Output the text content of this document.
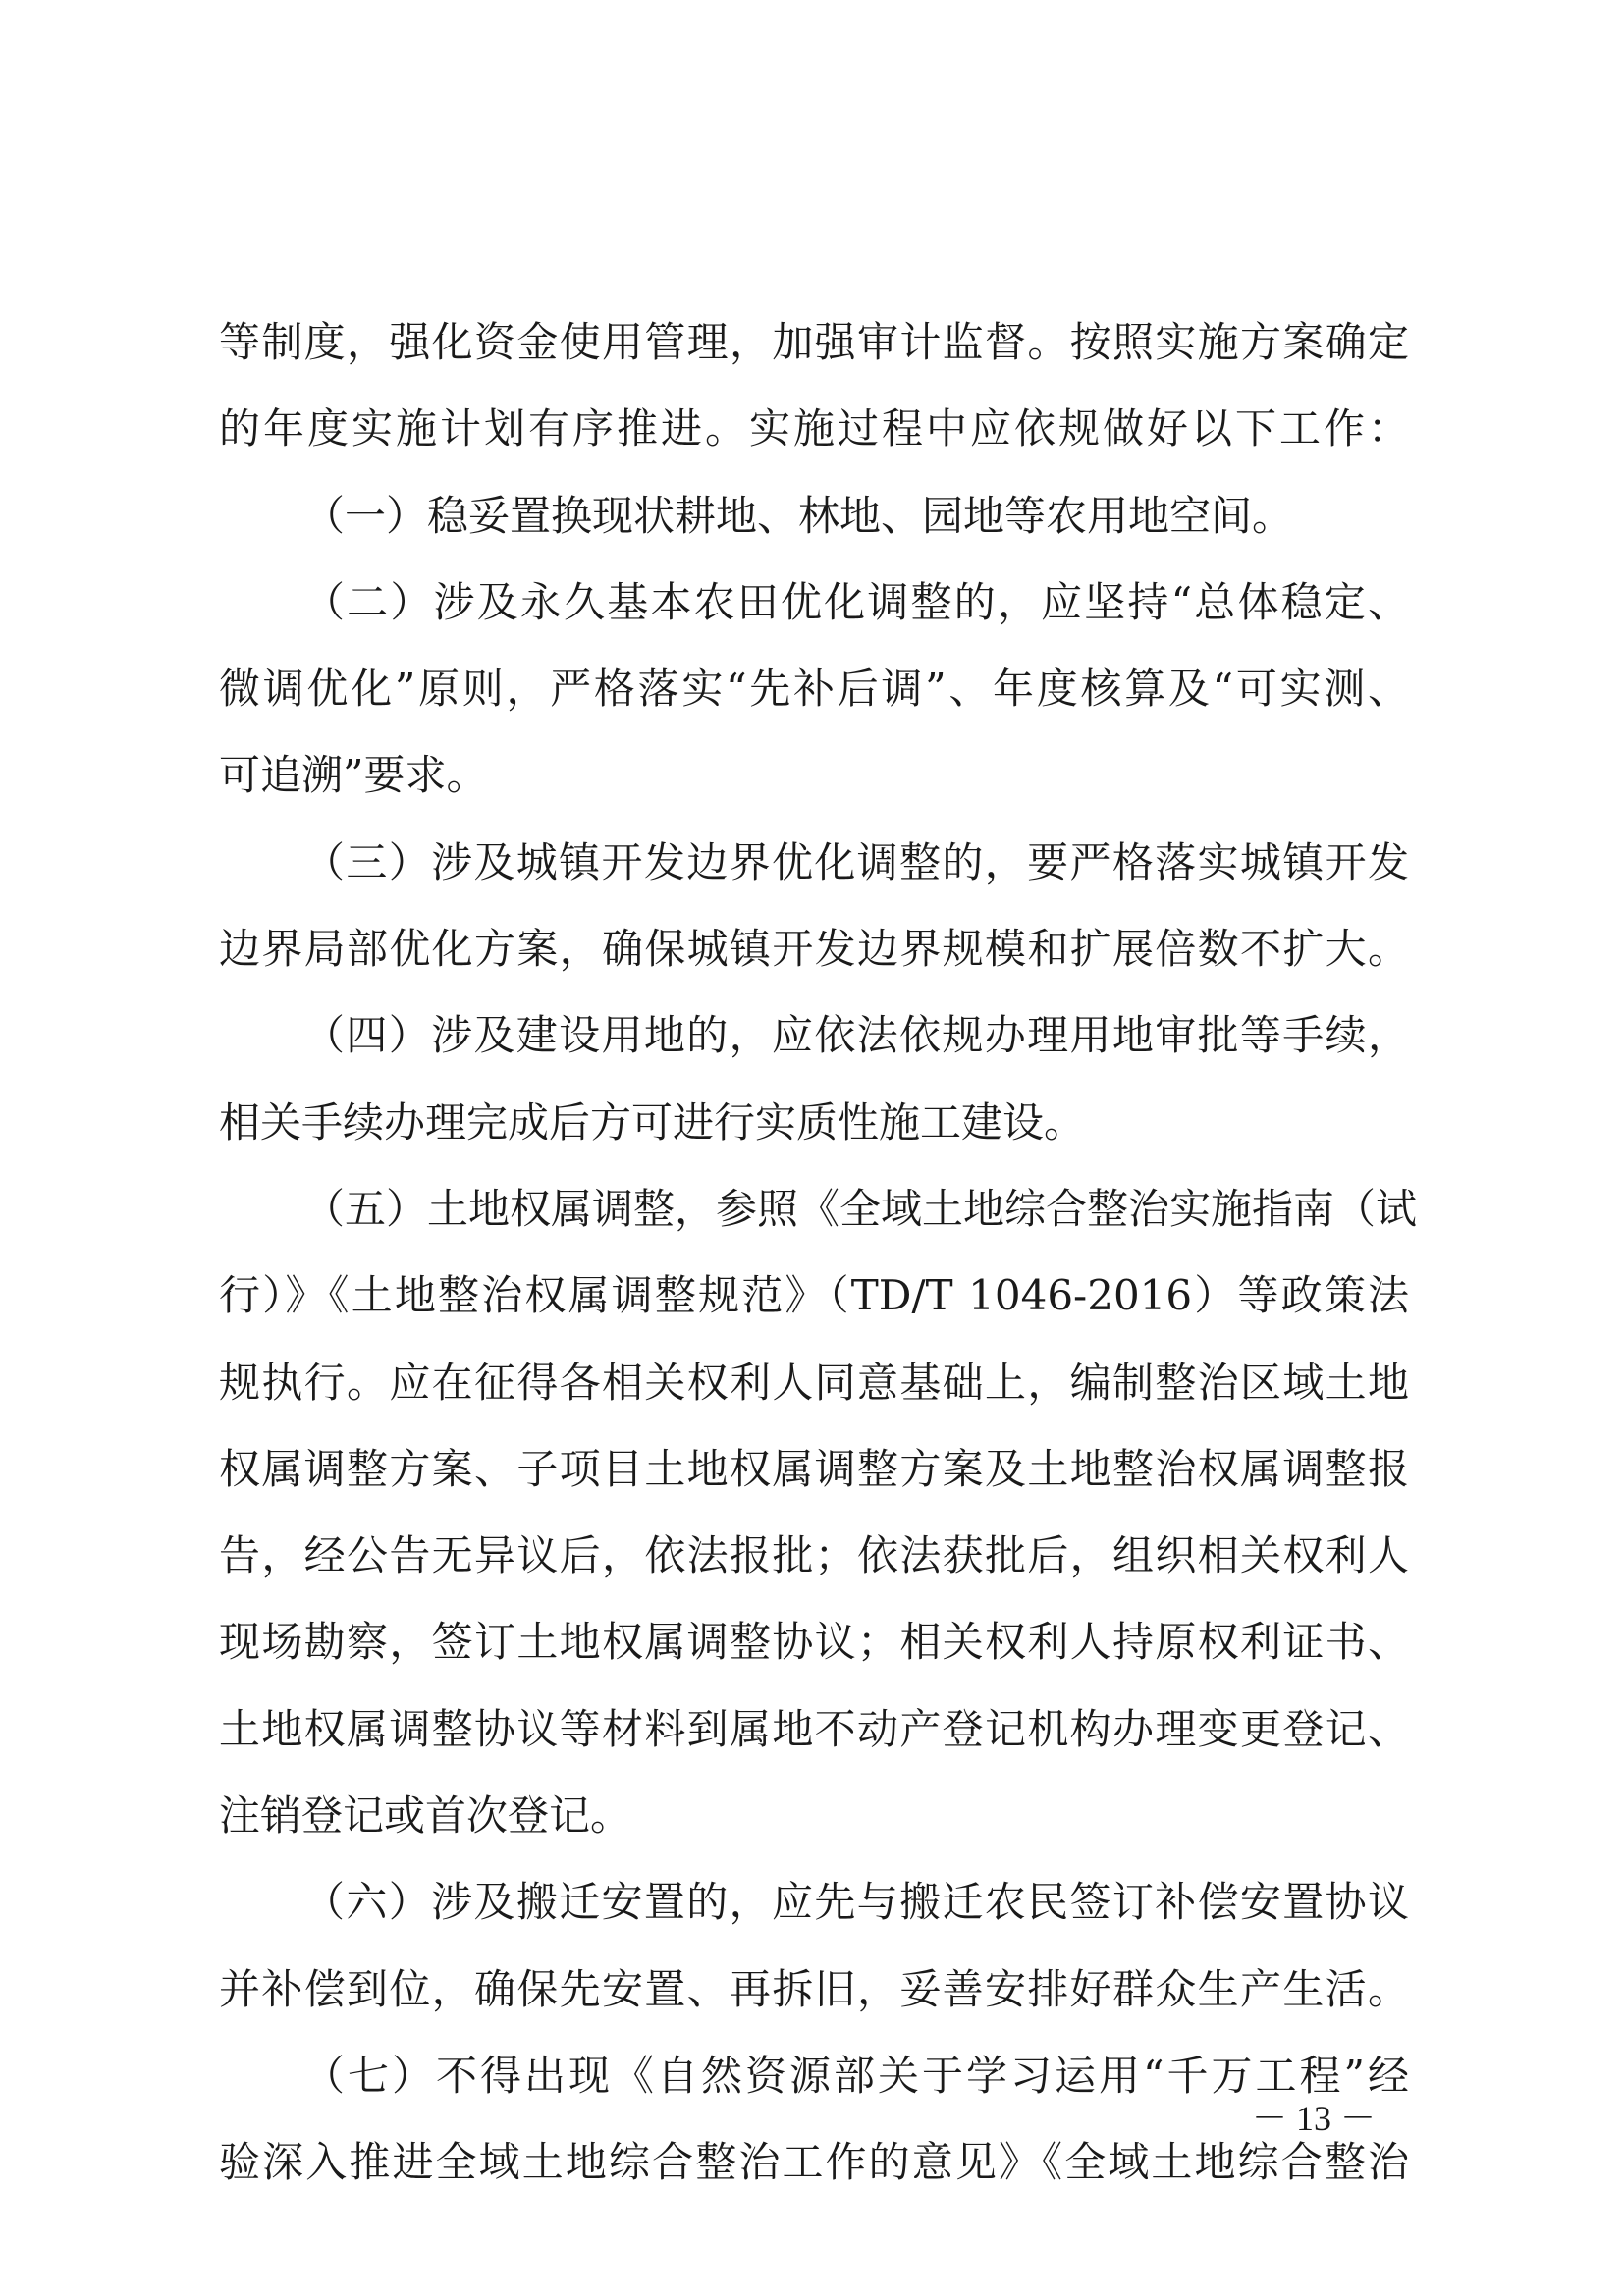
等制度，强化资金使用管理，加强审计监督。按照实施方案确定
的年度实施计划有序推进。实施过程中应依规做好以下工作：
（一）稳妥置换现状耕地、林地、园地等农用地空间。
（二）涉及永久基本农田优化调整的，应坚持“总体稳定、
微调优化”原则，严格落实“先补后调”、年度核算及“可实测、
可追溯”要求。
（三）涉及城镇开发边界优化调整的，要严格落实城镇开发
边界局部优化方案，确保城镇开发边界规模和扩展倍数不扩大。
（四）涉及建设用地的，应依法依规办理用地审批等手续，
相关手续办理完成后方可进行实质性施工建设。
（五）土地权属调整，参照《全域土地综合整治实施指南（试
行）》《土地整治权属调整规范》（TD/T 1046-2016）等政策法
规执行。应在征得各相关权利人同意基础上，编制整治区域土地
权属调整方案、子项目土地权属调整方案及土地整治权属调整报
告，经公告无异议后，依法报批；依法获批后，组织相关权利人
现场勘察，签订土地权属调整协议；相关权利人持原权利证书、
土地权属调整协议等材料到属地不动产登记机构办理变更登记、
注销登记或首次登记。
（六）涉及搬迁安置的，应先与搬迁农民签订补偿安置协议
并补偿到位，确保先安置、再拆旧，妥善安排好群众生产生活。
（七）不得出现《自然资源部关于学习运用“千万工程”经
验深入推进全域土地综合整治工作的意见》《全域土地综合整治
－ 13 －
